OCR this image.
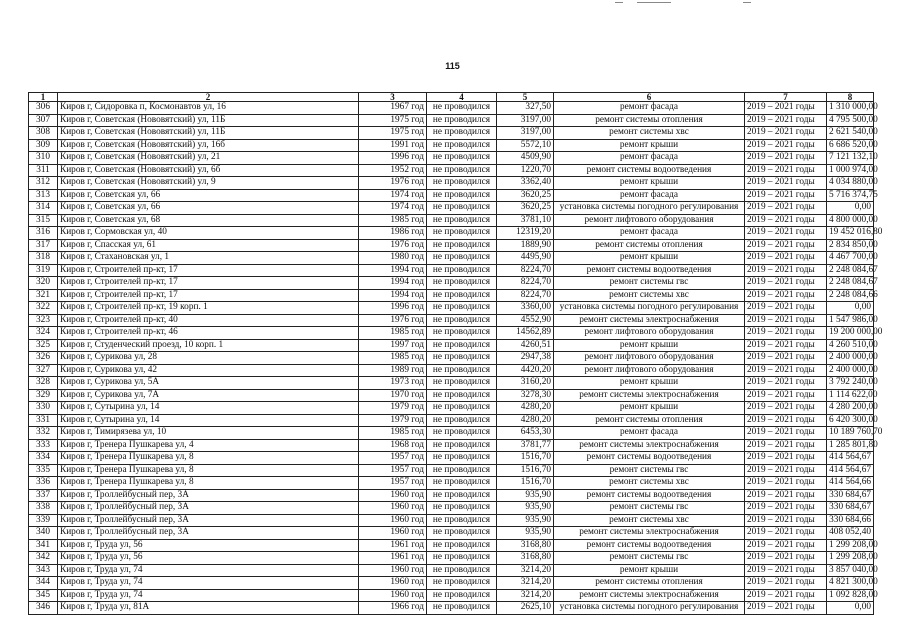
115
1	2	3	4	5	6	7	8
306	Киров г, Сидоровка п, Космонавтов ул, 16	1967 год	не проводился	327,50	ремонт фасада	2019 – 2021 годы	1 310 000,00
307	Киров г, Советская (Нововятский) ул, 11Б	1975 год	не проводился	3197,00	ремонт системы отопления	2019 – 2021 годы	4 795 500,00
308	Киров г, Советская (Нововятский) ул, 11Б	1975 год	не проводился	3197,00	ремонт системы хвс	2019 – 2021 годы	2 621 540,00
309	Киров г, Советская (Нововятский) ул, 16б	1991 год	не проводился	5572,10	ремонт крыши	2019 – 2021 годы	6 686 520,00
310	Киров г, Советская (Нововятский) ул, 21	1996 год	не проводился	4509,90	ремонт фасада	2019 – 2021 годы	7 121 132,10
311	Киров г, Советская (Нововятский) ул, 6б	1952 год	не проводился	1220,70	ремонт системы водоотведения	2019 – 2021 годы	1 000 974,00
312	Киров г, Советская (Нововятский) ул, 9	1976 год	не проводился	3362,40	ремонт крыши	2019 – 2021 годы	4 034 880,00
313	Киров г, Советская ул, 66	1974 год	не проводился	3620,25	ремонт фасада	2019 – 2021 годы	5 716 374,75
314	Киров г, Советская ул, 66	1974 год	не проводился	3620,25	установка системы погодного регулирования	2019 – 2021 годы	0,00
315	Киров г, Советская ул, 68	1985 год	не проводился	3781,10	ремонт лифтового оборудования	2019 – 2021 годы	4 800 000,00
316	Киров г, Сормовская ул, 40	1986 год	не проводился	12319,20	ремонт фасада	2019 – 2021 годы	19 452 016,80
317	Киров г, Спасская ул, 61	1976 год	не проводился	1889,90	ремонт системы отопления	2019 – 2021 годы	2 834 850,00
318	Киров г, Стахановская ул, 1	1980 год	не проводился	4495,90	ремонт крыши	2019 – 2021 годы	4 467 700,00
319	Киров г, Строителей пр-кт, 17	1994 год	не проводился	8224,70	ремонт системы водоотведения	2019 – 2021 годы	2 248 084,67
320	Киров г, Строителей пр-кт, 17	1994 год	не проводился	8224,70	ремонт системы гвс	2019 – 2021 годы	2 248 084,67
321	Киров г, Строителей пр-кт, 17	1994 год	не проводился	8224,70	ремонт системы хвс	2019 – 2021 годы	2 248 084,66
322	Киров г, Строителей пр-кт, 19 корп. 1	1996 год	не проводился	3360,00	установка системы погодного регулирования	2019 – 2021 годы	0,00
323	Киров г, Строителей пр-кт, 40	1976 год	не проводился	4552,90	ремонт системы электроснабжения	2019 – 2021 годы	1 547 986,00
324	Киров г, Строителей пр-кт, 46	1985 год	не проводился	14562,89	ремонт лифтового оборудования	2019 – 2021 годы	19 200 000,00
325	Киров г, Студенческий проезд, 10 корп. 1	1997 год	не проводился	4260,51	ремонт крыши	2019 – 2021 годы	4 260 510,00
326	Киров г, Сурикова ул, 28	1985 год	не проводился	2947,38	ремонт лифтового оборудования	2019 – 2021 годы	2 400 000,00
327	Киров г, Сурикова ул, 42	1989 год	не проводился	4420,20	ремонт лифтового оборудования	2019 – 2021 годы	2 400 000,00
328	Киров г, Сурикова ул, 5А	1973 год	не проводился	3160,20	ремонт крыши	2019 – 2021 годы	3 792 240,00
329	Киров г, Сурикова ул, 7А	1970 год	не проводился	3278,30	ремонт системы электроснабжения	2019 – 2021 годы	1 114 622,00
330	Киров г, Сутырина ул, 14	1979 год	не проводился	4280,20	ремонт крыши	2019 – 2021 годы	4 280 200,00
331	Киров г, Сутырина ул, 14	1979 год	не проводился	4280,20	ремонт системы отопления	2019 – 2021 годы	6 420 300,00
332	Киров г, Тимирязева ул, 10	1985 год	не проводился	6453,30	ремонт фасада	2019 – 2021 годы	10 189 760,70
333	Киров г, Тренера Пушкарева ул, 4	1968 год	не проводился	3781,77	ремонт системы электроснабжения	2019 – 2021 годы	1 285 801,80
334	Киров г, Тренера Пушкарева ул, 8	1957 год	не проводился	1516,70	ремонт системы водоотведения	2019 – 2021 годы	414 564,67
335	Киров г, Тренера Пушкарева ул, 8	1957 год	не проводился	1516,70	ремонт системы гвс	2019 – 2021 годы	414 564,67
336	Киров г, Тренера Пушкарева ул, 8	1957 год	не проводился	1516,70	ремонт системы хвс	2019 – 2021 годы	414 564,66
337	Киров г, Троллейбусный пер, 3А	1960 год	не проводился	935,90	ремонт системы водоотведения	2019 – 2021 годы	330 684,67
338	Киров г, Троллейбусный пер, 3А	1960 год	не проводился	935,90	ремонт системы гвс	2019 – 2021 годы	330 684,67
339	Киров г, Троллейбусный пер, 3А	1960 год	не проводился	935,90	ремонт системы хвс	2019 – 2021 годы	330 684,66
340	Киров г, Троллейбусный пер, 3А	1960 год	не проводился	935,90	ремонт системы электроснабжения	2019 – 2021 годы	408 052,40
341	Киров г, Труда ул, 56	1961 год	не проводился	3168,80	ремонт системы водоотведения	2019 – 2021 годы	1 299 208,00
342	Киров г, Труда ул, 56	1961 год	не проводился	3168,80	ремонт системы гвс	2019 – 2021 годы	1 299 208,00
343	Киров г, Труда ул, 74	1960 год	не проводился	3214,20	ремонт крыши	2019 – 2021 годы	3 857 040,00
344	Киров г, Труда ул, 74	1960 год	не проводился	3214,20	ремонт системы отопления	2019 – 2021 годы	4 821 300,00
345	Киров г, Труда ул, 74	1960 год	не проводился	3214,20	ремонт системы электроснабжения	2019 – 2021 годы	1 092 828,00
346	Киров г, Труда ул, 81А	1966 год	не проводился	2625,10	установка системы погодного регулирования	2019 – 2021 годы	0,00
